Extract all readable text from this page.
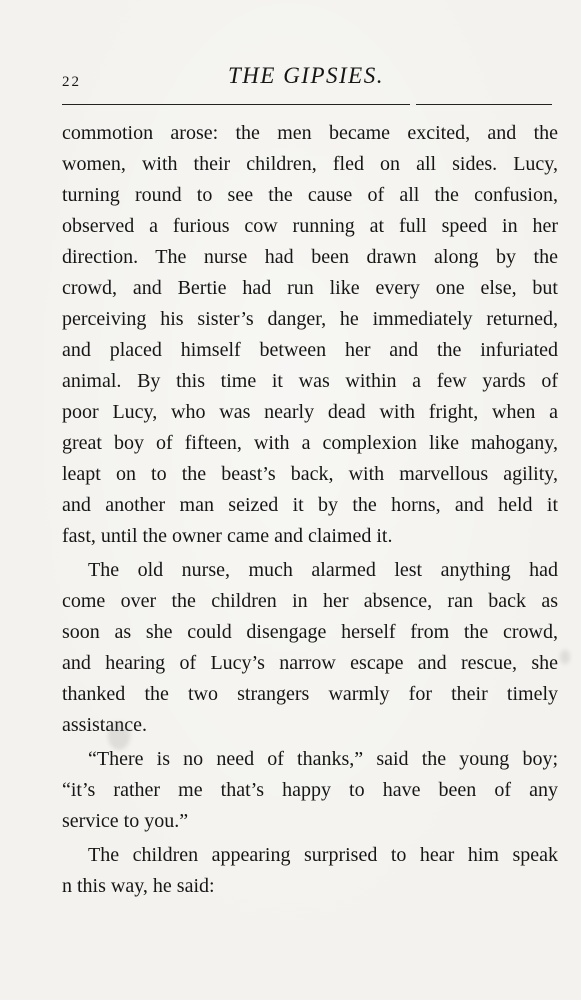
22	THE GIPSIES.
commotion arose: the men became excited, and the
women, with their children, fled on all sides. Lucy,
turning round to see the cause of all the confusion,
observed a furious cow running at full speed in her
direction. The nurse had been drawn along by the
crowd, and Bertie had run like every one else, but
perceiving his sister’s danger, he immediately returned,
and placed himself between her and the infuriated
animal. By this time it was within a few yards of
poor Lucy, who was nearly dead with fright, when a
great boy of fifteen, with a complexion like mahogany,
leapt on to the beast’s back, with marvellous agility,
and another man seized it by the horns, and held it
fast, until the owner came and claimed it.
The old nurse, much alarmed lest anything had
come over the children in her absence, ran back as
soon as she could disengage herself from the crowd,
and hearing of Lucy’s narrow escape and rescue, she
thanked the two strangers warmly for their timely
assistance.
“There is no need of thanks,” said the young boy;
“it’s rather me that’s happy to have been of any
service to you.”
The children appearing surprised to hear him speak
n this way, he said:
